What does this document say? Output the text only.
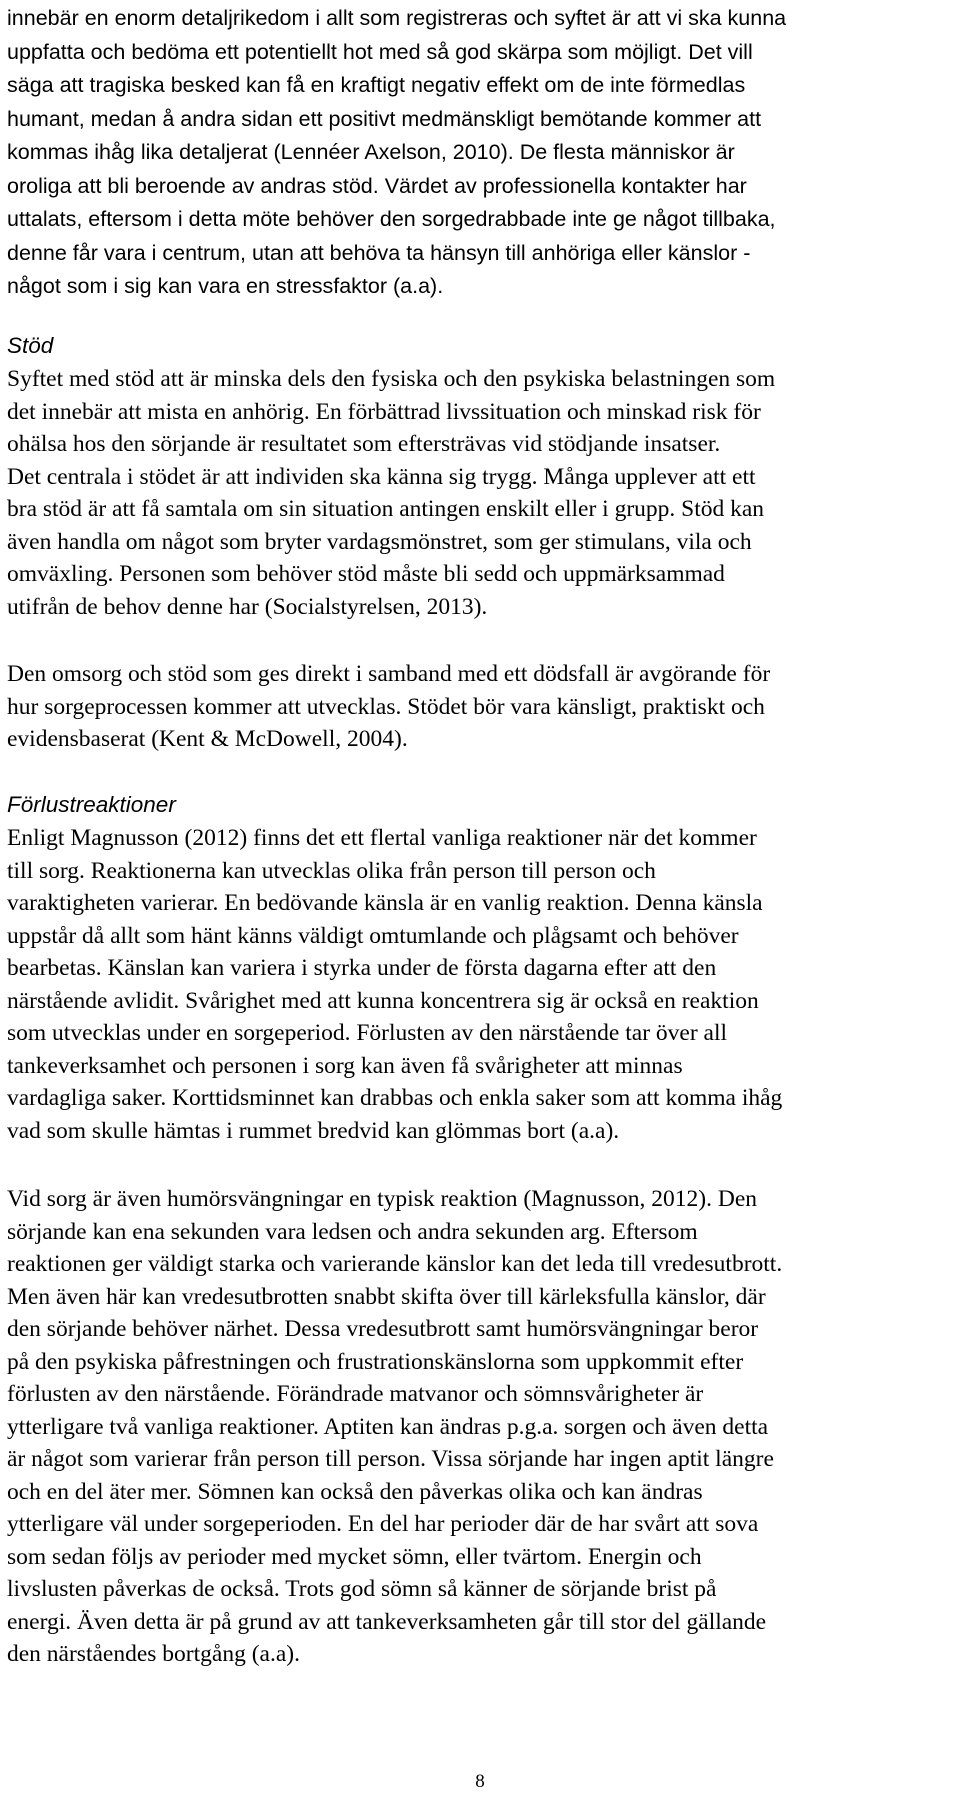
innebär en enorm detaljrikedom i allt som registreras och syftet är att vi ska kunna
uppfatta och bedöma ett potentiellt hot med så god skärpa som möjligt. Det vill
säga att tragiska besked kan få en kraftigt negativ effekt om de inte förmedlas
humant, medan å andra sidan ett positivt medmänskligt bemötande kommer att
kommas ihåg lika detaljerat (Lennéer Axelson, 2010). De flesta människor är
oroliga att bli beroende av andras stöd. Värdet av professionella kontakter har
uttalats, eftersom i detta möte behöver den sorgedrabbade inte ge något tillbaka,
denne får vara i centrum, utan att behöva ta hänsyn till anhöriga eller känslor -
något som i sig kan vara en stressfaktor (a.a).
Stöd
Syftet med stöd att är minska dels den fysiska och den psykiska belastningen som
det innebär att mista en anhörig. En förbättrad livssituation och minskad risk för
ohälsa hos den sörjande är resultatet som eftersträvas vid stödjande insatser.
Det centrala i stödet är att individen ska känna sig trygg. Många upplever att ett
bra stöd är att få samtala om sin situation antingen enskilt eller i grupp. Stöd kan
även handla om något som bryter vardagsmönstret, som ger stimulans, vila och
omväxling. Personen som behöver stöd måste bli sedd och uppmärksammad
utifrån de behov denne har (Socialstyrelsen, 2013).
Den omsorg och stöd som ges direkt i samband med ett dödsfall är avgörande för
hur sorgeprocessen kommer att utvecklas. Stödet bör vara känsligt, praktiskt och
evidensbaserat (Kent & McDowell, 2004).
Förlustreaktioner
Enligt Magnusson (2012) finns det ett flertal vanliga reaktioner när det kommer
till sorg. Reaktionerna kan utvecklas olika från person till person och
varaktigheten varierar. En bedövande känsla är en vanlig reaktion. Denna känsla
uppstår då allt som hänt känns väldigt omtumlande och plågsamt och behöver
bearbetas. Känslan kan variera i styrka under de första dagarna efter att den
närstående avlidit. Svårighet med att kunna koncentrera sig är också en reaktion
som utvecklas under en sorgeperiod. Förlusten av den närstående tar över all
tankeverksamhet och personen i sorg kan även få svårigheter att minnas
vardagliga saker. Korttidsminnet kan drabbas och enkla saker som att komma ihåg
vad som skulle hämtas i rummet bredvid kan glömmas bort (a.a).
Vid sorg är även humörsvängningar en typisk reaktion (Magnusson, 2012). Den
sörjande kan ena sekunden vara ledsen och andra sekunden arg. Eftersom
reaktionen ger väldigt starka och varierande känslor kan det leda till vredesutbrott.
Men även här kan vredesutbrotten snabbt skifta över till kärleksfulla känslor, där
den sörjande behöver närhet. Dessa vredesutbrott samt humörsvängningar beror
på den psykiska påfrestningen och frustrationskänslorna som uppkommit efter
förlusten av den närstående. Förändrade matvanor och sömnsvårigheter är
ytterligare två vanliga reaktioner. Aptiten kan ändras p.g.a. sorgen och även detta
är något som varierar från person till person. Vissa sörjande har ingen aptit längre
och en del äter mer. Sömnen kan också den påverkas olika och kan ändras
ytterligare väl under sorgeperioden. En del har perioder där de har svårt att sova
som sedan följs av perioder med mycket sömn, eller tvärtom. Energin och
livslusten påverkas de också. Trots god sömn så känner de sörjande brist på
energi. Även detta är på grund av att tankeverksamheten går till stor del gällande
den närståendes bortgång (a.a).
8
